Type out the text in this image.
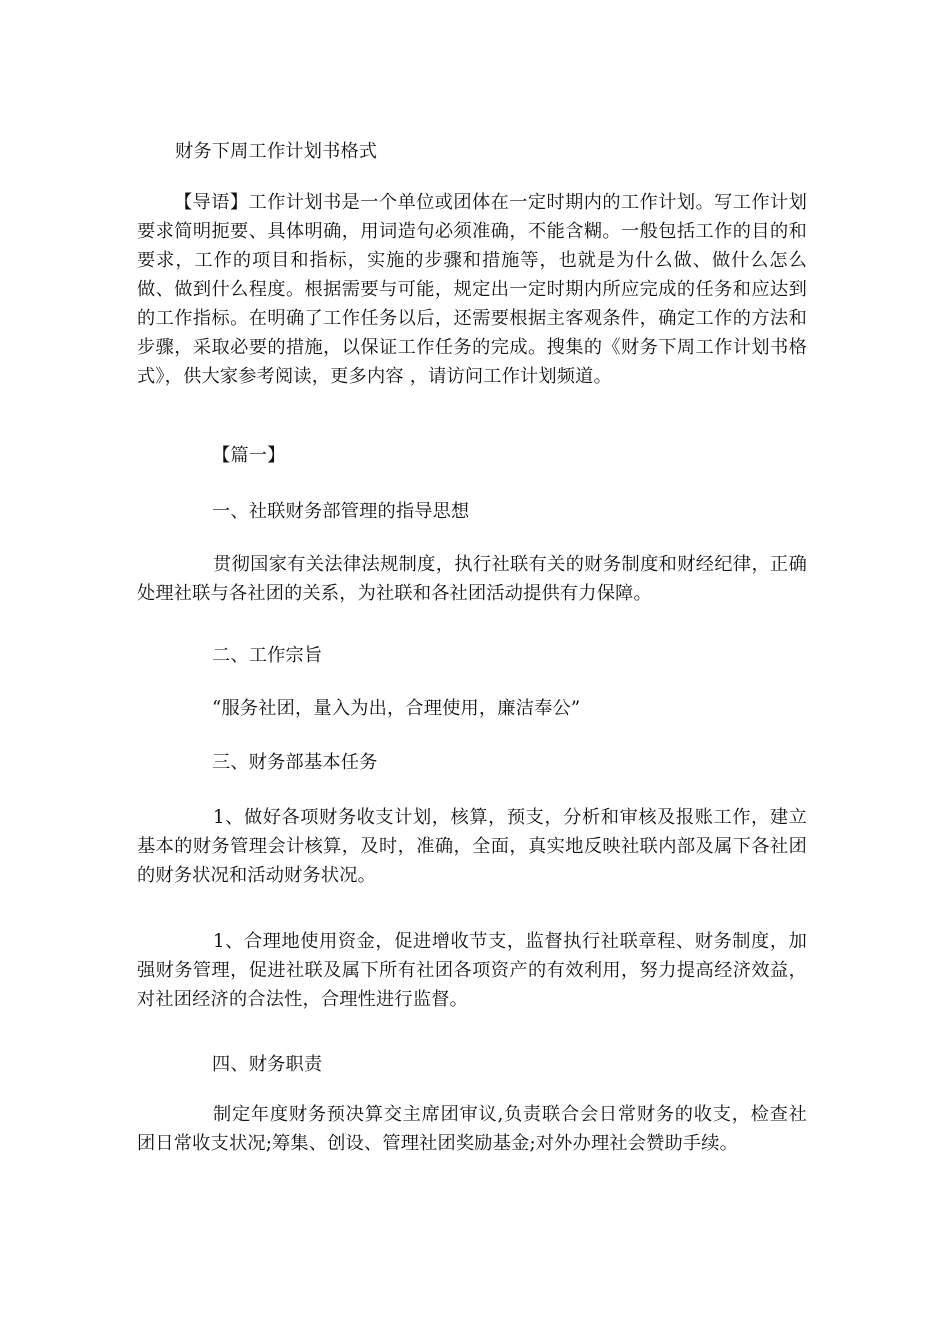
财务下周工作计划书格式

【导语】工作计划书是一个单位或团体在一定时期内的工作计划。写工作计划要求简明扼要、具体明确，用词造句必须准确，不能含糊。一般包括工作的目的和要求，工作的项目和指标，实施的步骤和措施等，也就是为什么做、做什么怎么做、做到什么程度。根据需要与可能，规定出一定时期内所应完成的任务和应达到的工作指标。在明确了工作任务以后，还需要根据主客观条件，确定工作的方法和步骤，采取必要的措施，以保证工作任务的完成。搜集的《财务下周工作计划书格式》，供大家参考阅读，更多内容 ，请访问工作计划频道。

【篇一】

一、社联财务部管理的指导思想

贯彻国家有关法律法规制度，执行社联有关的财务制度和财经纪律，正确处理社联与各社团的关系，为社联和各社团活动提供有力保障。

二、工作宗旨

“服务社团，量入为出，合理使用，廉洁奉公”

三、财务部基本任务

1、做好各项财务收支计划，核算，预支，分析和审核及报账工作，建立基本的财务管理会计核算，及时，准确，全面，真实地反映社联内部及属下各社团的财务状况和活动财务状况。

1、合理地使用资金，促进增收节支，监督执行社联章程、财务制度，加强财务管理，促进社联及属下所有社团各项资产的有效利用，努力提高经济效益，对社团经济的合法性，合理性进行监督。

四、财务职责

制定年度财务预决算交主席团审议,负责联合会日常财务的收支，检查社团日常收支状况;筹集、创设、管理社团奖励基金;对外办理社会赞助手续。
